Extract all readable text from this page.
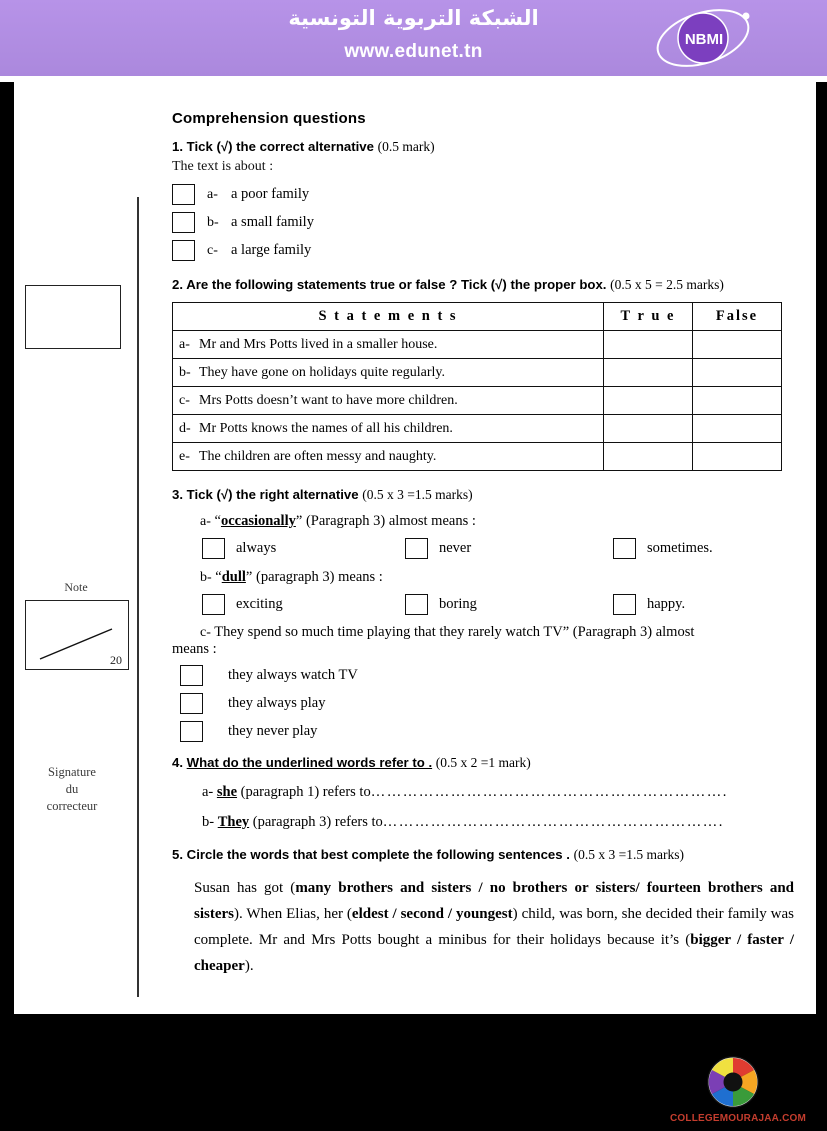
الشبكة التربوية التونسية
www.edunet.tn
NBMI
Note
20
Signature
du
correcteur
Comprehension questions
1. Tick (√) the correct alternative (0.5 mark)
The text is about :
a- a poor family
b- a small family
c- a large family
2. Are the following statements true or false ? Tick (√) the proper box. (0.5 x 5 = 2.5 marks)
S t a t e m e n t s	T r u e	False
a- Mr and Mrs Potts lived in a smaller house.		
b- They have gone on holidays quite regularly.		
c- Mrs Potts doesn’t want to have more children.		
d- Mr Potts knows the names of all his children.		
e- The children are often messy and naughty.		
3. Tick (√) the right alternative (0.5 x 3 =1.5 marks)
a- “occasionally” (Paragraph 3) almost means :
always	never	sometimes.
b- “dull” (paragraph 3) means :
exciting	boring	happy.
c- They spend so much time playing that they rarely watch TV” (Paragraph 3) almost
means :
they always watch TV
they always play
they never play
4. What do the underlined words refer to . (0.5 x 2 =1 mark)
a- she (paragraph 1) refers to………………………………………………………….
b- They (paragraph 3) refers to……………………………………………………….
5. Circle the words that best complete the following sentences . (0.5 x 3 =1.5 marks)
Susan has got (many brothers and sisters / no brothers or sisters/ fourteen brothers and sisters). When Elias, her (eldest / second / youngest) child, was born, she decided their family was complete. Mr and Mrs Potts bought a minibus for their holidays because it’s (bigger / faster / cheaper).
COLLEGEMOURAJAA.COM
